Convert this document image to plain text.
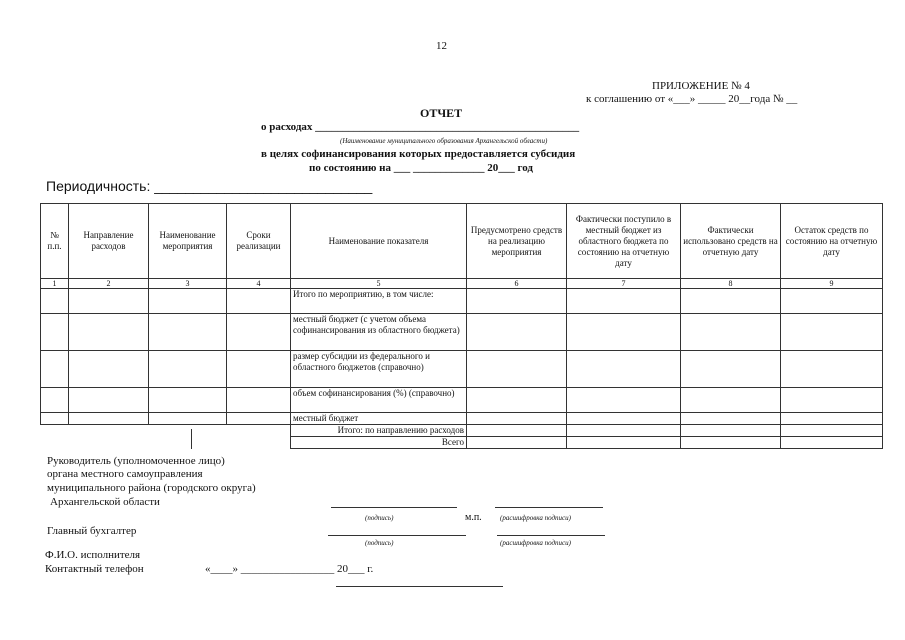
12
ПРИЛОЖЕНИЕ № 4
к соглашению от «___» _____ 20__года № __
ОТЧЕТ
о расходах ________________________________________________
(Наименование муниципального образования Архангельской области)
в целях софинансирования которых предоставляется субсидия
по состоянию на ___ _____________ 20___ год
Периодичность: ____________________________
№ п.п.	Направление расходов	Наименование мероприятия	Сроки реализации	Наименование показателя	Предусмотрено средств на реализацию мероприятия	Фактически поступило в местный бюджет из областного бюджета по состоянию на отчетную дату	Фактически использовано средств на отчетную дату	Остаток средств по состоянию на отчетную дату
1	2	3	4	5	6	7	8	9
				Итого по мероприятию, в том числе:				
				местный бюджет (с учетом объема софинансирования из областного бюджета)				
				размер субсидии из федерального и областного бюджетов (справочно)				
				объем софинансирования (%) (справочно)				
				местный бюджет				
				Итого: по направлению расходов				
				Всего				
Руководитель (уполномоченное лицо)
органа местного самоуправления
муниципального района (городского округа)
Архангельской области
(подпись)	м.п.	(расшифровка подписи)
Главный бухгалтер
(подпись)	(расшифровка подписи)
Ф.И.О. исполнителя
Контактный телефон	«____» _________________ 20___ г.
